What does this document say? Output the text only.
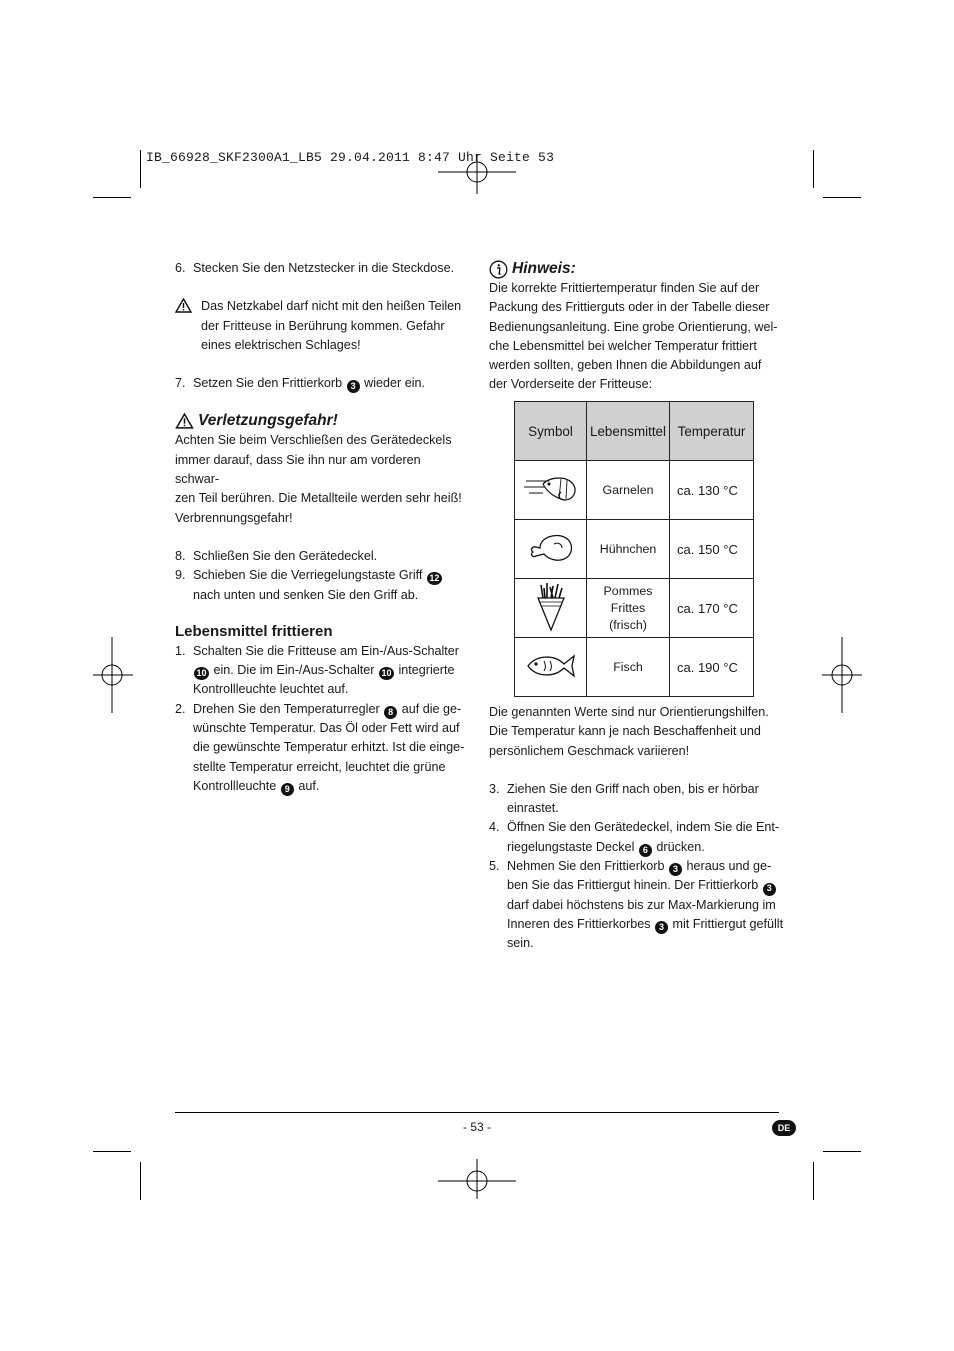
IB_66928_SKF2300A1_LB5 29.04.2011 8:47 Uhr Seite 53
6. Stecken Sie den Netzstecker in die Steckdose.

Das Netzkabel darf nicht mit den heißen Teilen

der Fritteuse in Berührung kommen. Gefahr

eines elektrischen Schlages!

7. Setzen Sie den Frittierkorb 3 wieder ein.

Verletzungsgefahr!

Achten Sie beim Verschließen des Gerätedeckels

immer darauf, dass Sie ihn nur am vorderen schwar-

zen Teil berühren. Die Metallteile werden sehr heiß!

Verbrennungsgefahr!

8. Schließen Sie den Gerätedeckel.
9. Schieben Sie die Verriegelungstaste Griff 12
nach unten und senken Sie den Griff ab.

Lebensmittel frittieren

1. Schalten Sie die Fritteuse am Ein-/Aus-Schalter
10 ein. Die im Ein-/Aus-Schalter 10 integrierte
Kontrollleuchte leuchtet auf.
2. Drehen Sie den Temperaturregler 8 auf die ge-
wünschte Temperatur. Das Öl oder Fett wird auf
die gewünschte Temperatur erhitzt. Ist die einge-
stellte Temperatur erreicht, leuchtet die grüne
Kontrollleuchte 9 auf.

Hinweis:

Die korrekte Frittiertemperatur finden Sie auf der

Packung des Frittierguts oder in der Tabelle dieser

Bedienungsanleitung. Eine grobe Orientierung, wel-

che Lebensmittel bei welcher Temperatur frittiert

werden sollten, geben Ihnen die Abbildungen auf

der Vorderseite der Fritteuse:

Symbol	Lebensmittel	Temperatur
	Garnelen	ca. 130 °C
	Hühnchen	ca. 150 °C
	Pommes
Frittes
(frisch)	ca. 170 °C
	Fisch	ca. 190 °C

Die genannten Werte sind nur Orientierungshilfen.

Die Temperatur kann je nach Beschaffenheit und

persönlichem Geschmack variieren!

3. Ziehen Sie den Griff nach oben, bis er hörbar
einrastet.
4. Öffnen Sie den Gerätedeckel, indem Sie die Ent-
riegelungstaste Deckel 6 drücken.
5. Nehmen Sie den Frittierkorb 3 heraus und ge-
ben Sie das Frittiergut hinein. Der Frittierkorb 3
darf dabei höchstens bis zur Max-Markierung im
Inneren des Frittierkorbes 3 mit Frittiergut gefüllt
sein.
- 53 -	DE
